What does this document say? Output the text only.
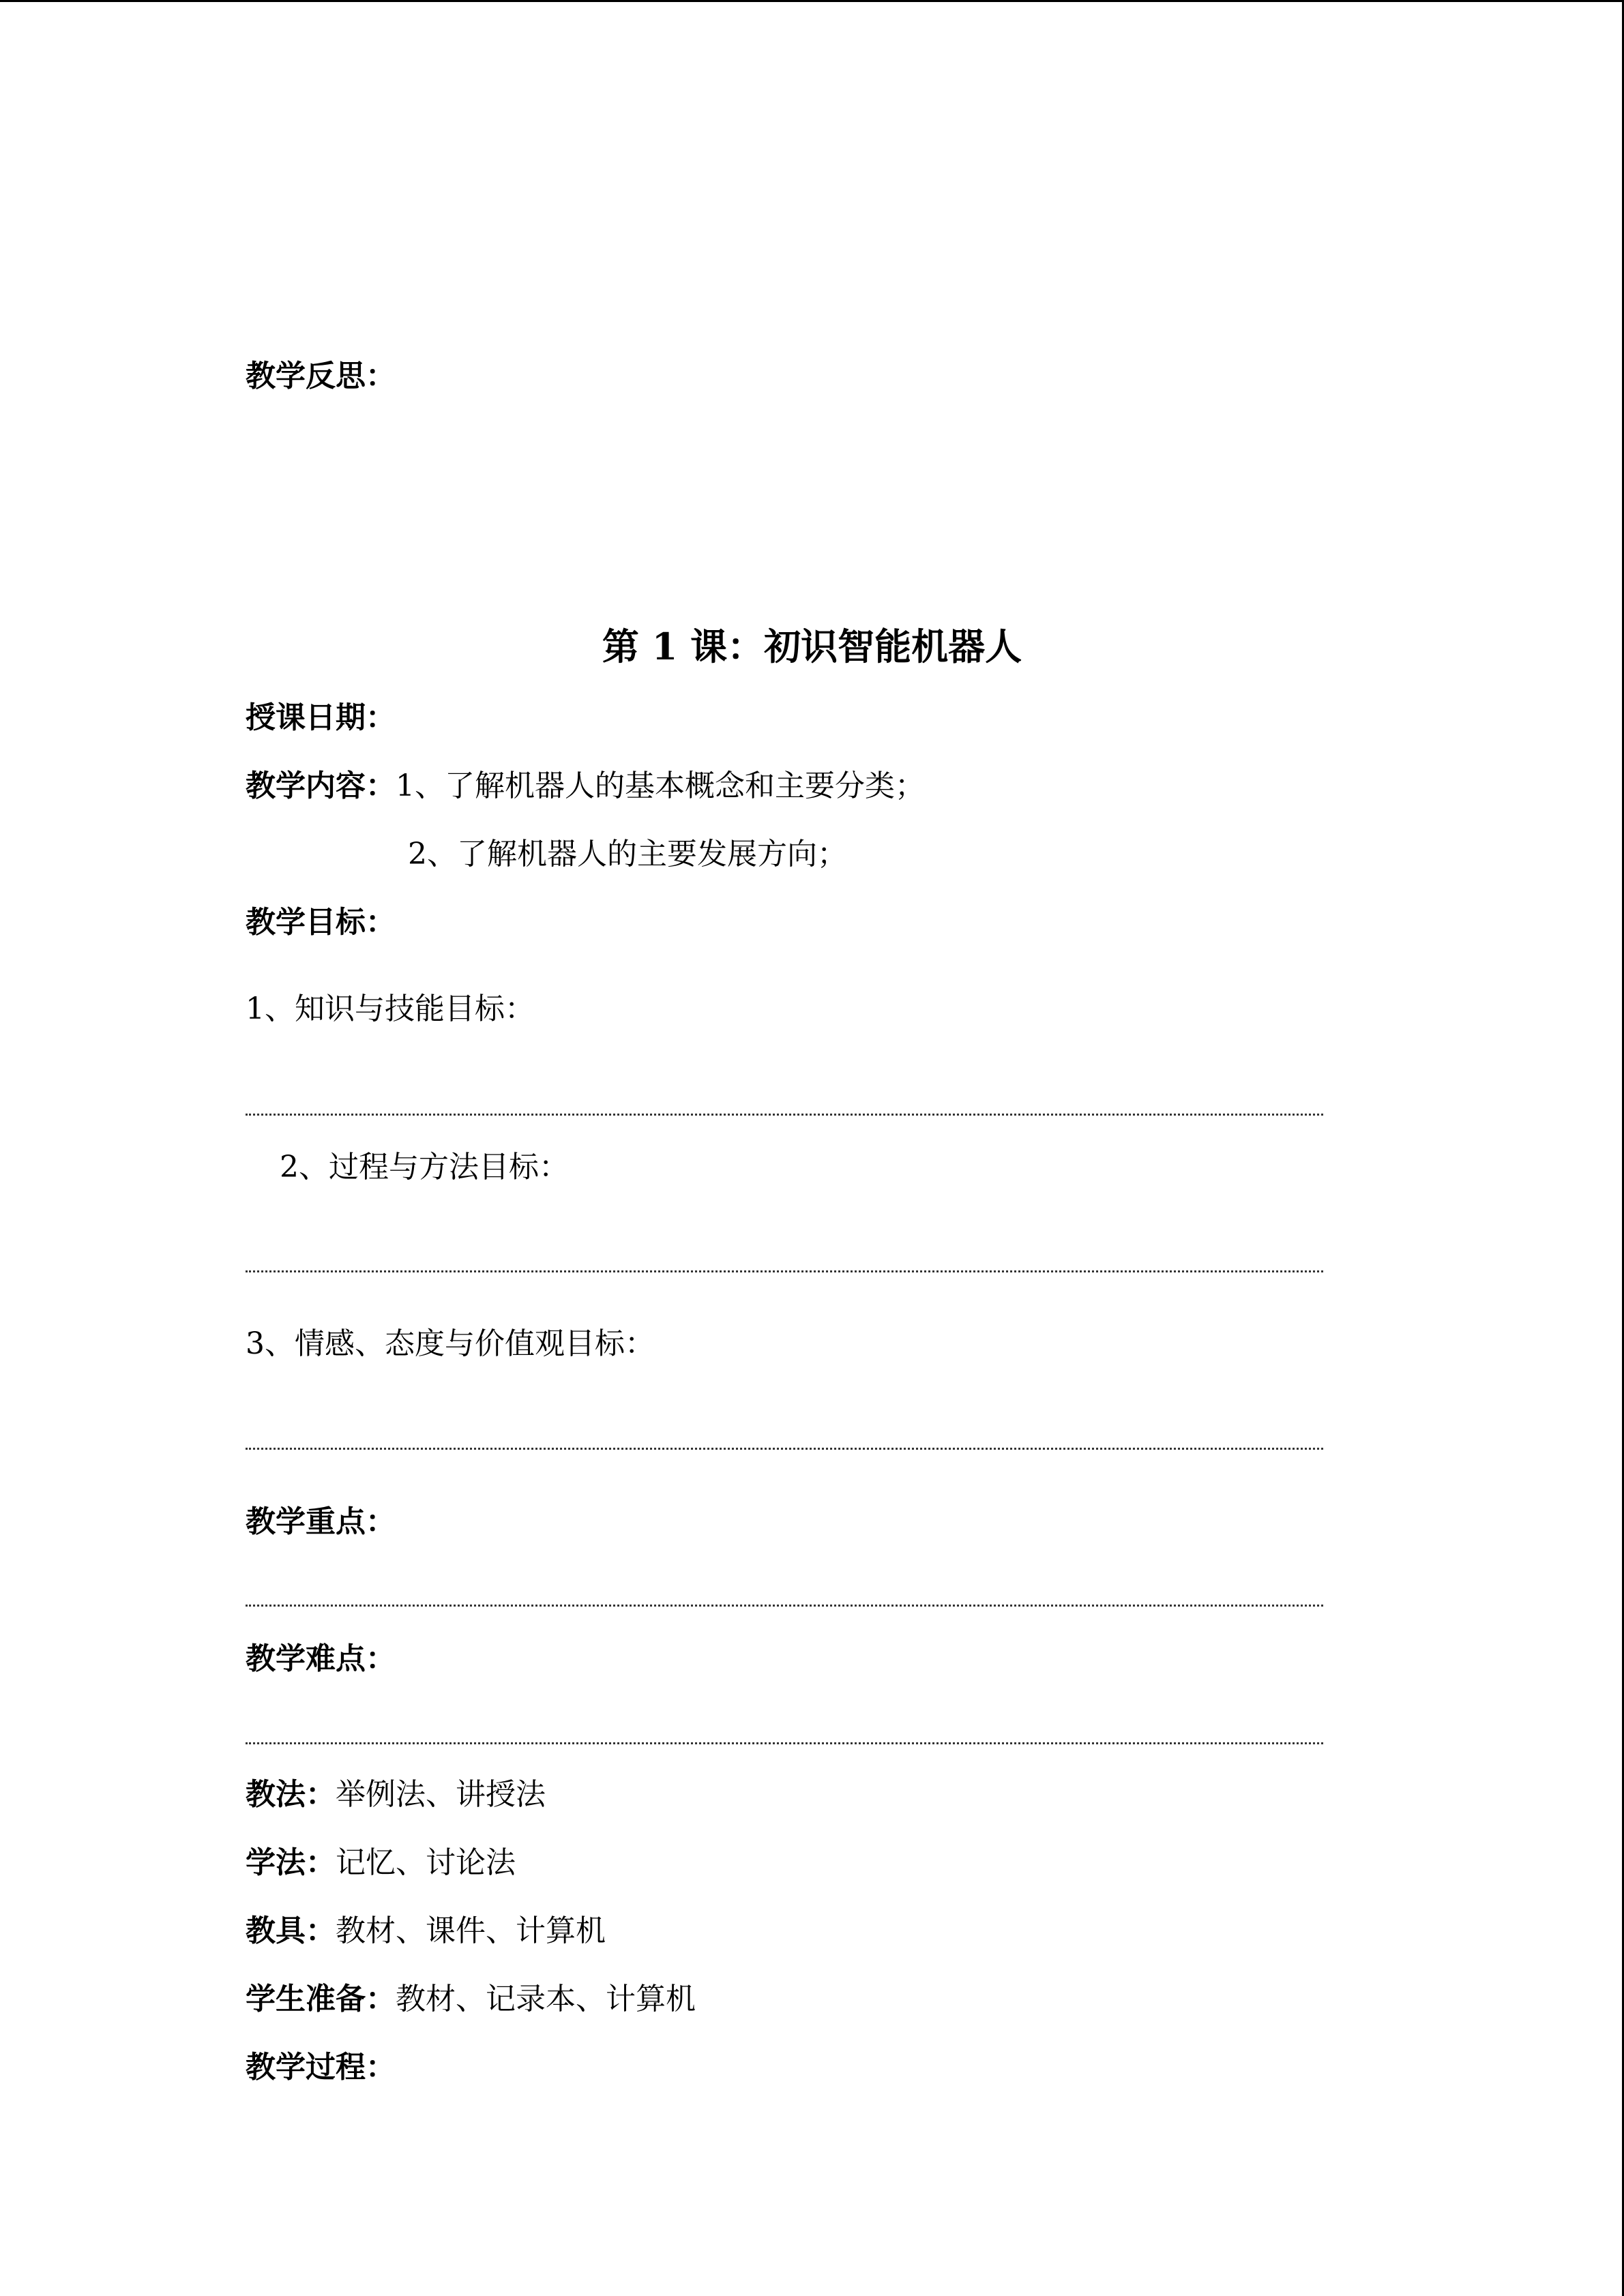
教学反思：
第 1 课：初识智能机器人
授课日期：
教学内容：1、了解机器人的基本概念和主要分类；
2、了解机器人的主要发展方向；
教学目标：
1、知识与技能目标：
2、过程与方法目标：
3、情感、态度与价值观目标：
教学重点：
教学难点：
教法：举例法、讲授法
学法：记忆、讨论法
教具：教材、课件、计算机
学生准备：教材、记录本、计算机
教学过程：
